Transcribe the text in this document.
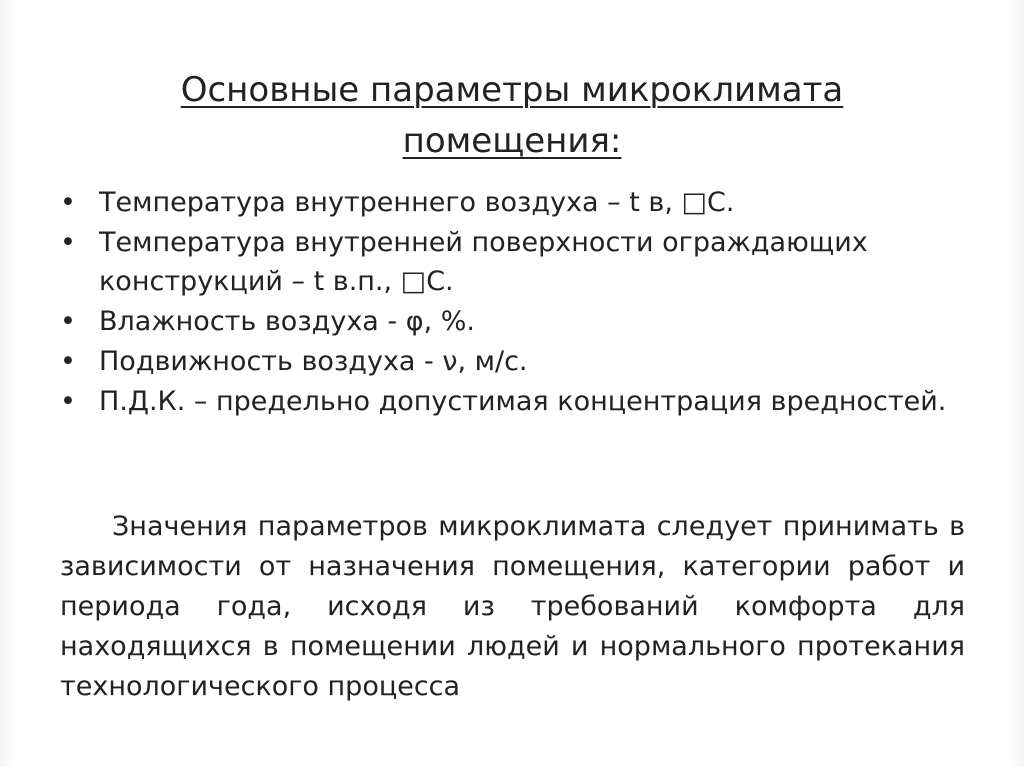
Основные параметры микроклимата
помещения:
• Температура внутреннего воздуха – t в, ⁠□С.
• Температура внутренней поверхности ограждающих конструкций – t в.п., □С.
• Влажность воздуха - φ, %.
• Подвижность воздуха - ν, м/с.
• П.Д.К. – предельно допустимая концентрация вредностей.

Значения параметров микроклимата следует принимать в зависимости от назначения помещения, категории работ и периода года, исходя из требований комфорта для находящихся в помещении людей и нормального протекания технологического процесса
